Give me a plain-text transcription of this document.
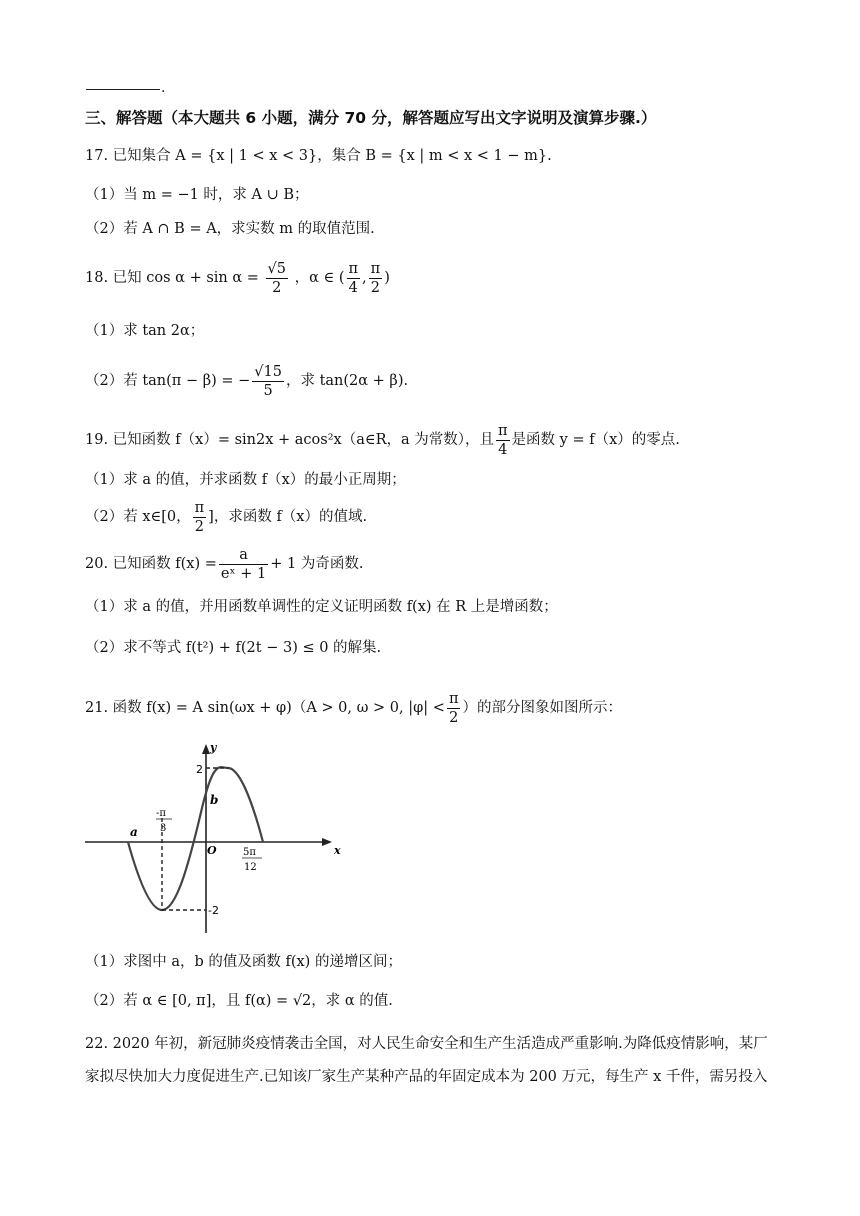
.
三、解答题（本大题共 6 小题，满分 70 分，解答题应写出文字说明及演算步骤.）
17. 已知集合 A = {x | 1 < x < 3}，集合 B = {x | m < x < 1 − m}.
（1）当 m = −1 时，求 A ∪ B；
（2）若 A ∩ B = A，求实数 m 的取值范围.
18. 已知 $\cos \alpha + \sin \alpha = \frac{√5}{2}$ ，α ∈ ( $\frac{\pi}{4}$ , $\frac{\pi}{2}$ )
（1）求 tan 2α；
（2）若 tan(π − β) = − $\frac{√15}{5}$ ，求 tan(2α + β).
19. 已知函数 f（x）= sin2x + acos²x（a∈R，a 为常数），且 $\frac{\pi}{4}$ 是函数 y = f（x）的零点.
（1）求 a 的值，并求函数 f（x）的最小正周期；
（2）若 x∈[0， $\frac{\pi}{2}$ ]，求函数 f（x）的值域.
20. 已知函数 $f(x) = \frac{a}{\text{eˣ + 1}} + 1$ 为奇函数.
（1）求 a 的值，并用函数单调性的定义证明函数 f(x) 在 R 上是增函数；
（2）求不等式 f(t²) + f(2t − 3) ≤ 0 的解集.
21. 函数 f(x) = A sin(ωx + φ)（A > 0, ω > 0, $|\varphi| < \frac{\pi}{2}$ ）的部分图象如图所示：
y
x
O
a
b
2
-2
-π
3
5π
12
（1）求图中 a，b 的值及函数 f(x) 的递增区间；
（2）若 α ∈ [0, π]，且 f(α) = √2，求 α 的值.
22. 2020 年初，新冠肺炎疫情袭击全国，对人民生命安全和生产生活造成严重影响.为降低疫情影响，某厂
家拟尽快加大力度促进生产.已知该厂家生产某种产品的年固定成本为 200 万元，每生产 x 千件，需另投入
